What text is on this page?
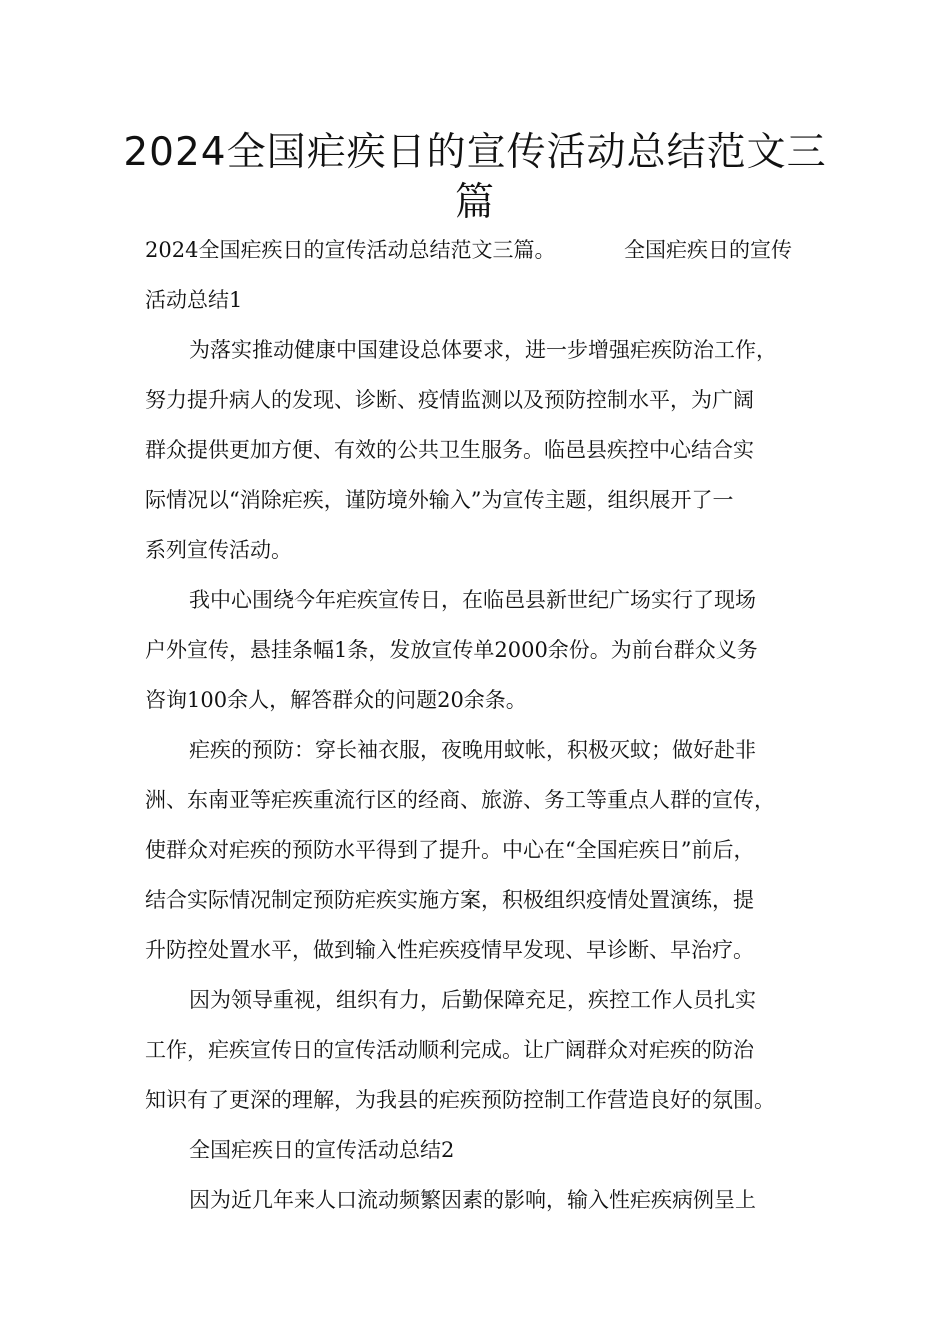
2024全国疟疾日的宣传活动总结范文三
篇

2024全国疟疾日的宣传活动总结范文三篇。	全国疟疾日的宣传

活动总结1

为落实推动健康中国建设总体要求，进一步增强疟疾防治工作，

努力提升病人的发现、诊断、疫情监测以及预防控制水平，为广阔

群众提供更加方便、有效的公共卫生服务。临邑县疾控中心结合实

际情况以“消除疟疾，谨防境外输入”为宣传主题，组织展开了一

系列宣传活动。

我中心围绕今年疟疾宣传日，在临邑县新世纪广场实行了现场

户外宣传，悬挂条幅1条，发放宣传单2000余份。为前台群众义务

咨询100余人，解答群众的问题20余条。

疟疾的预防：穿长袖衣服，夜晚用蚊帐，积极灭蚊；做好赴非

洲、东南亚等疟疾重流行区的经商、旅游、务工等重点人群的宣传，

使群众对疟疾的预防水平得到了提升。中心在“全国疟疾日”前后，

结合实际情况制定预防疟疾实施方案，积极组织疫情处置演练，提

升防控处置水平，做到输入性疟疾疫情早发现、早诊断、早治疗。

因为领导重视，组织有力，后勤保障充足，疾控工作人员扎实

工作，疟疾宣传日的宣传活动顺利完成。让广阔群众对疟疾的防治

知识有了更深的理解，为我县的疟疾预防控制工作营造良好的氛围。

全国疟疾日的宣传活动总结2

因为近几年来人口流动频繁因素的影响，输入性疟疾病例呈上
